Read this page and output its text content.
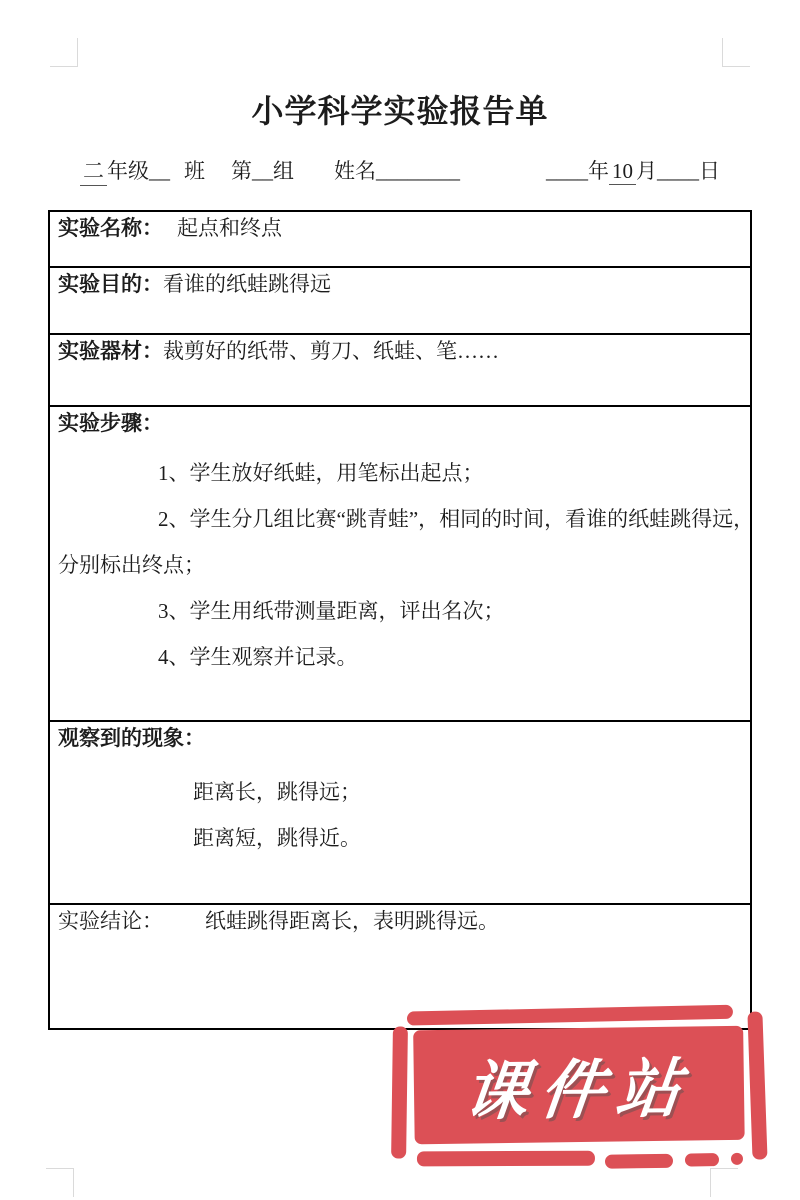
小学科学实验报告单
二 年级 __ 班 第 __ 组 姓名 ________	____ 年 10 月 ____ 日
实验名称： 起点和终点
实验目的：看谁的纸蛙跳得远
实验器材：裁剪好的纸带、剪刀、纸蛙、笔……

实验步骤：
1、学生放好纸蛙，用笔标出起点；
2、学生分几组比赛“跳青蛙”，相同的时间，看谁的纸蛙跳得远，
分别标出终点；
3、学生用纸带测量距离，评出名次；
4、学生观察并记录。

观察到的现象：
距离长，跳得远；
距离短，跳得近。

实验结论： 纸蛙跳得距离长，表明跳得远。
课件站
